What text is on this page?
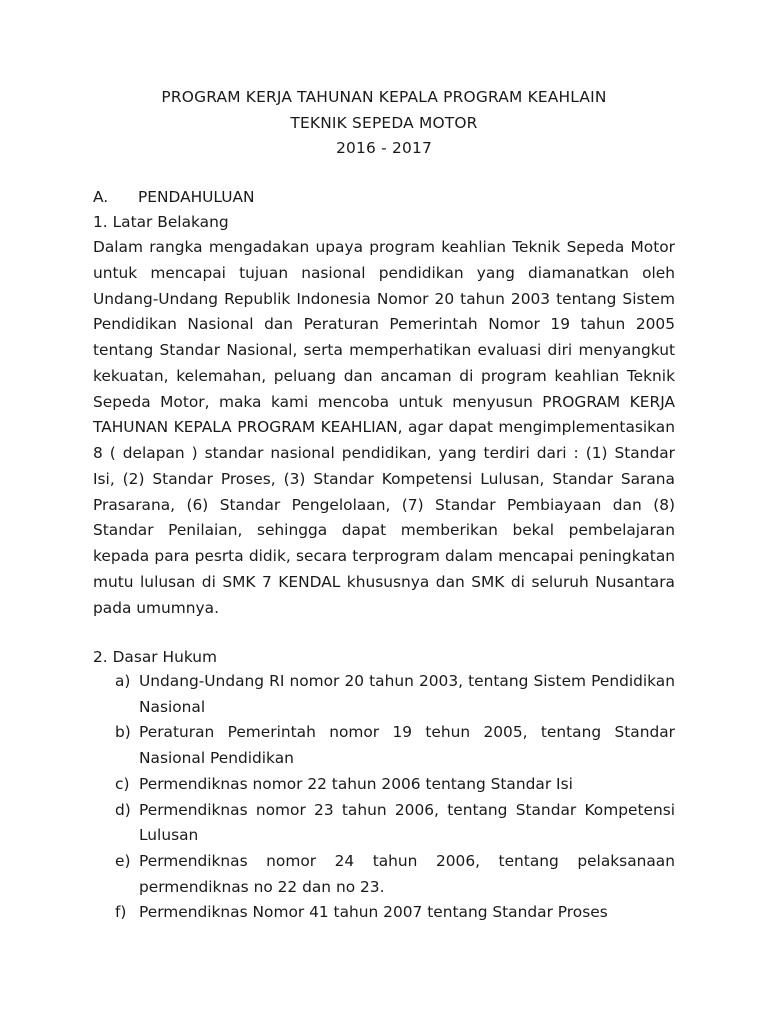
PROGRAM KERJA TAHUNAN KEPALA PROGRAM KEAHLAIN
TEKNIK SEPEDA MOTOR
2016 - 2017
A. PENDAHULUAN
1. Latar Belakang
Dalam rangka mengadakan upaya program keahlian Teknik Sepeda Motor untuk mencapai tujuan nasional pendidikan yang diamanatkan oleh Undang-Undang Republik Indonesia Nomor 20 tahun 2003 tentang Sistem Pendidikan Nasional dan Peraturan Pemerintah Nomor 19 tahun 2005 tentang Standar Nasional, serta memperhatikan evaluasi diri menyangkut kekuatan, kelemahan, peluang dan ancaman di program keahlian Teknik Sepeda Motor, maka kami mencoba untuk menyusun PROGRAM KERJA TAHUNAN KEPALA PROGRAM KEAHLIAN, agar dapat mengimplementasikan 8 ( delapan ) standar nasional pendidikan, yang terdiri dari : (1) Standar Isi, (2) Standar Proses, (3) Standar Kompetensi Lulusan, Standar Sarana Prasarana, (6) Standar Pengelolaan, (7) Standar Pembiayaan dan (8) Standar Penilaian, sehingga dapat memberikan bekal pembelajaran kepada para pesrta didik, secara terprogram dalam mencapai peningkatan mutu lulusan di SMK 7 KENDAL khususnya dan SMK di seluruh Nusantara pada umumnya.
2. Dasar Hukum
a) Undang-Undang RI nomor 20 tahun 2003, tentang Sistem Pendidikan Nasional
b) Peraturan Pemerintah nomor 19 tehun 2005, tentang Standar Nasional Pendidikan
c) Permendiknas nomor 22 tahun 2006 tentang Standar Isi
d) Permendiknas nomor 23 tahun 2006, tentang Standar Kompetensi Lulusan
e) Permendiknas nomor 24 tahun 2006, tentang pelaksanaan permendiknas no 22 dan no 23.
f) Permendiknas Nomor 41 tahun 2007 tentang Standar Proses
